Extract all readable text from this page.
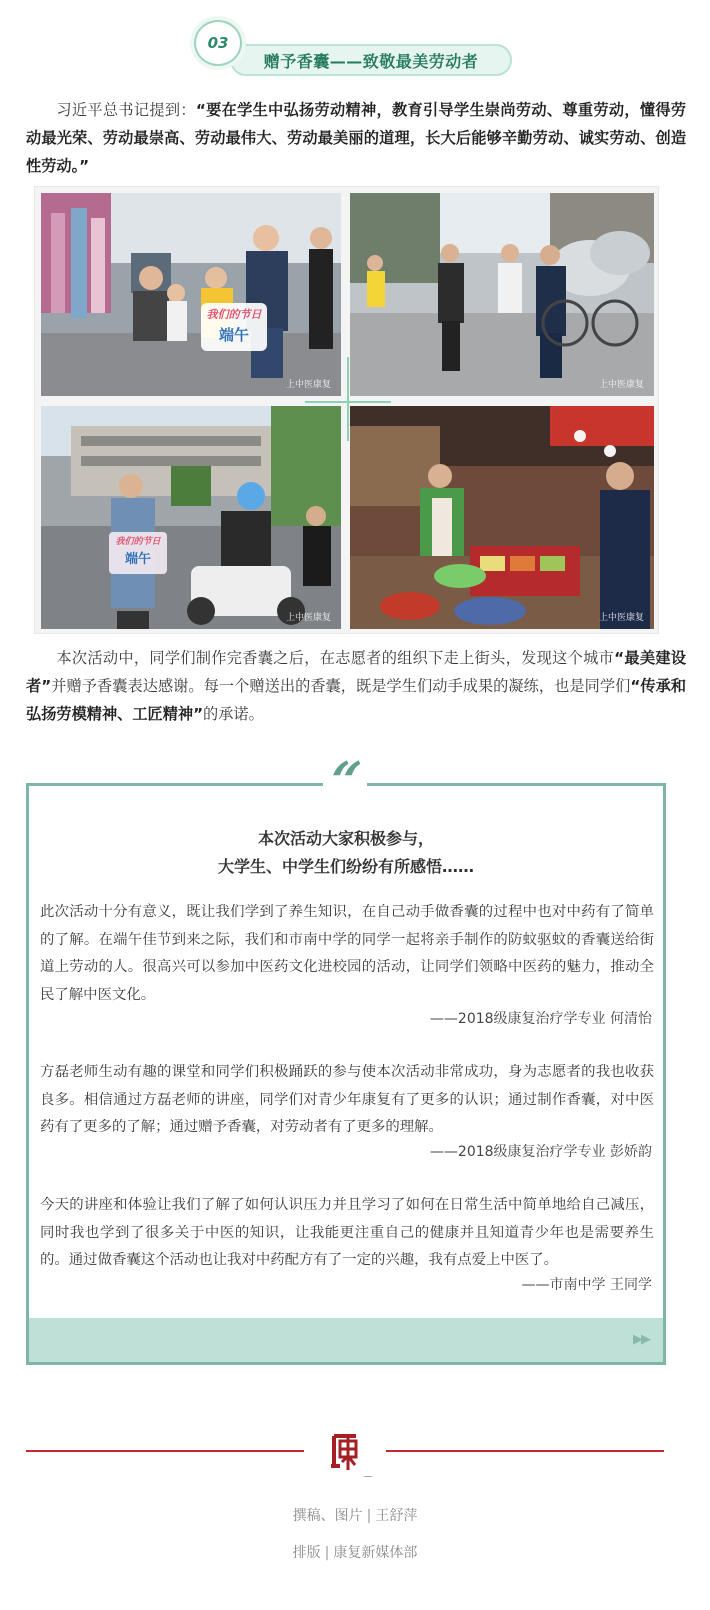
赠予香囊——致敬最美劳动者
03

习近平总书记提到：“要在学生中弘扬劳动精神，教育引导学生崇尚劳动、尊重劳动，懂得劳动最光荣、劳动最崇高、劳动最伟大、劳动最美丽的道理，长大后能够辛勤劳动、诚实劳动、创造性劳动。”

我们的节日
端午
上中医康复	上中医康复
我们的节日
端午
上中医康复	上中医康复

本次活动中，同学们制作完香囊之后，在志愿者的组织下走上街头，发现这个城市“最美建设者”并赠予香囊表达感谢。每一个赠送出的香囊，既是学生们动手成果的凝练，也是同学们“传承和弘扬劳模精神、工匠精神”的承诺。

“
本次活动大家积极参与，
大学生、中学生们纷纷有所感悟……

此次活动十分有意义，既让我们学到了养生知识，在自己动手做香囊的过程中也对中药有了简单的了解。在端午佳节到来之际，我们和市南中学的同学一起将亲手制作的防蚊驱蚊的香囊送给街道上劳动的人。很高兴可以参加中医药文化进校园的活动，让同学们领略中医药的魅力，推动全民了解中医文化。

——2018级康复治疗学专业 何清怡

方磊老师生动有趣的课堂和同学们积极踊跃的参与使本次活动非常成功，身为志愿者的我也收获良多。相信通过方磊老师的讲座，同学们对青少年康复有了更多的认识；通过制作香囊，对中医药有了更多的了解；通过赠予香囊，对劳动者有了更多的理解。

——2018级康复治疗学专业 彭娇韵

今天的讲座和体验让我们了解了如何认识压力并且学习了如何在日常生活中简单地给自己减压，同时我也学到了很多关于中医的知识，让我能更注重自己的健康并且知道青少年也是需要养生的。通过做香囊这个活动也让我对中药配方有了一定的兴趣，我有点爱上中医了。

——市南中学 王同学
▶▶
撰稿、图片 | 王舒萍
排版 | 康复新媒体部
